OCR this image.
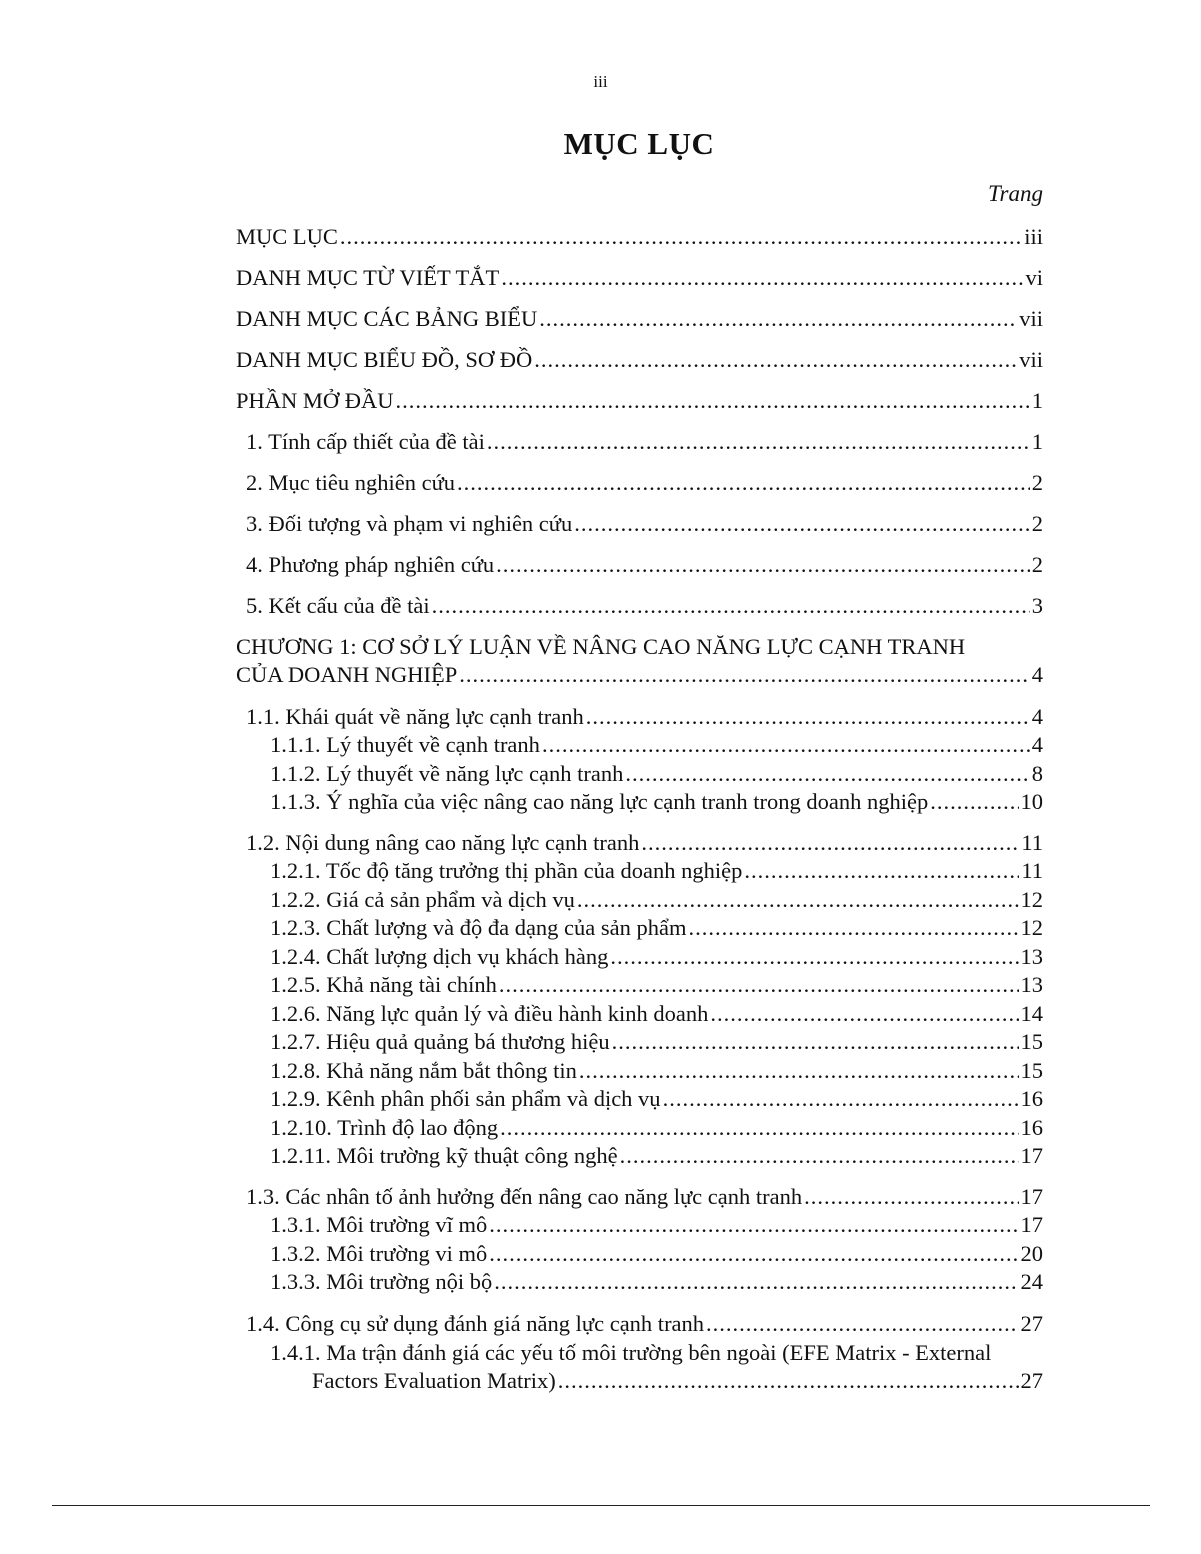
iii
MỤC LỤC
Trang
MỤC LỤC .....	iii
DANH MỤC TỪ VIẾT TẮT .....	vi
DANH MỤC CÁC BẢNG BIỂU .....	vii
DANH MỤC BIỂU ĐỒ, SƠ ĐỒ .....	vii
PHẦN MỞ ĐẦU .....	1
1. Tính cấp thiết của đề tài .....	1
2. Mục tiêu nghiên cứu .....	2
3. Đối tượng và phạm vi nghiên cứu .....	2
4. Phương pháp nghiên cứu .....	2
5. Kết cấu của đề tài .....	3
CHƯƠNG 1: CƠ SỞ LÝ LUẬN VỀ NÂNG CAO NĂNG LỰC CẠNH TRANH
CỦA DOANH NGHIỆP .....	4
1.1. Khái quát về năng lực cạnh tranh .....	4
1.1.1. Lý thuyết về cạnh tranh .....	4
1.1.2. Lý thuyết về năng lực cạnh tranh .....	8
1.1.3. Ý nghĩa của việc nâng cao năng lực cạnh tranh trong doanh nghiệp .....	10
1.2. Nội dung nâng cao năng lực cạnh tranh .....	11
1.2.1. Tốc độ tăng trưởng thị phần của doanh nghiệp .....	11
1.2.2. Giá cả sản phẩm và dịch vụ .....	12
1.2.3. Chất lượng và độ đa dạng của sản phẩm .....	12
1.2.4. Chất lượng dịch vụ khách hàng .....	13
1.2.5. Khả năng tài chính .....	13
1.2.6. Năng lực quản lý và điều hành kinh doanh .....	14
1.2.7. Hiệu quả quảng bá thương hiệu .....	15
1.2.8. Khả năng nắm bắt thông tin .....	15
1.2.9. Kênh phân phối sản phẩm và dịch vụ .....	16
1.2.10. Trình độ lao động .....	16
1.2.11. Môi trường kỹ thuật công nghệ .....	17
1.3. Các nhân tố ảnh hưởng đến nâng cao năng lực cạnh tranh .....	17
1.3.1. Môi trường vĩ mô .....	17
1.3.2. Môi trường vi mô .....	20
1.3.3. Môi trường nội bộ .....	24
1.4. Công cụ sử dụng đánh giá năng lực cạnh tranh .....	27
1.4.1. Ma trận đánh giá các yếu tố môi trường bên ngoài (EFE Matrix - External
Factors Evaluation Matrix) .....	27
